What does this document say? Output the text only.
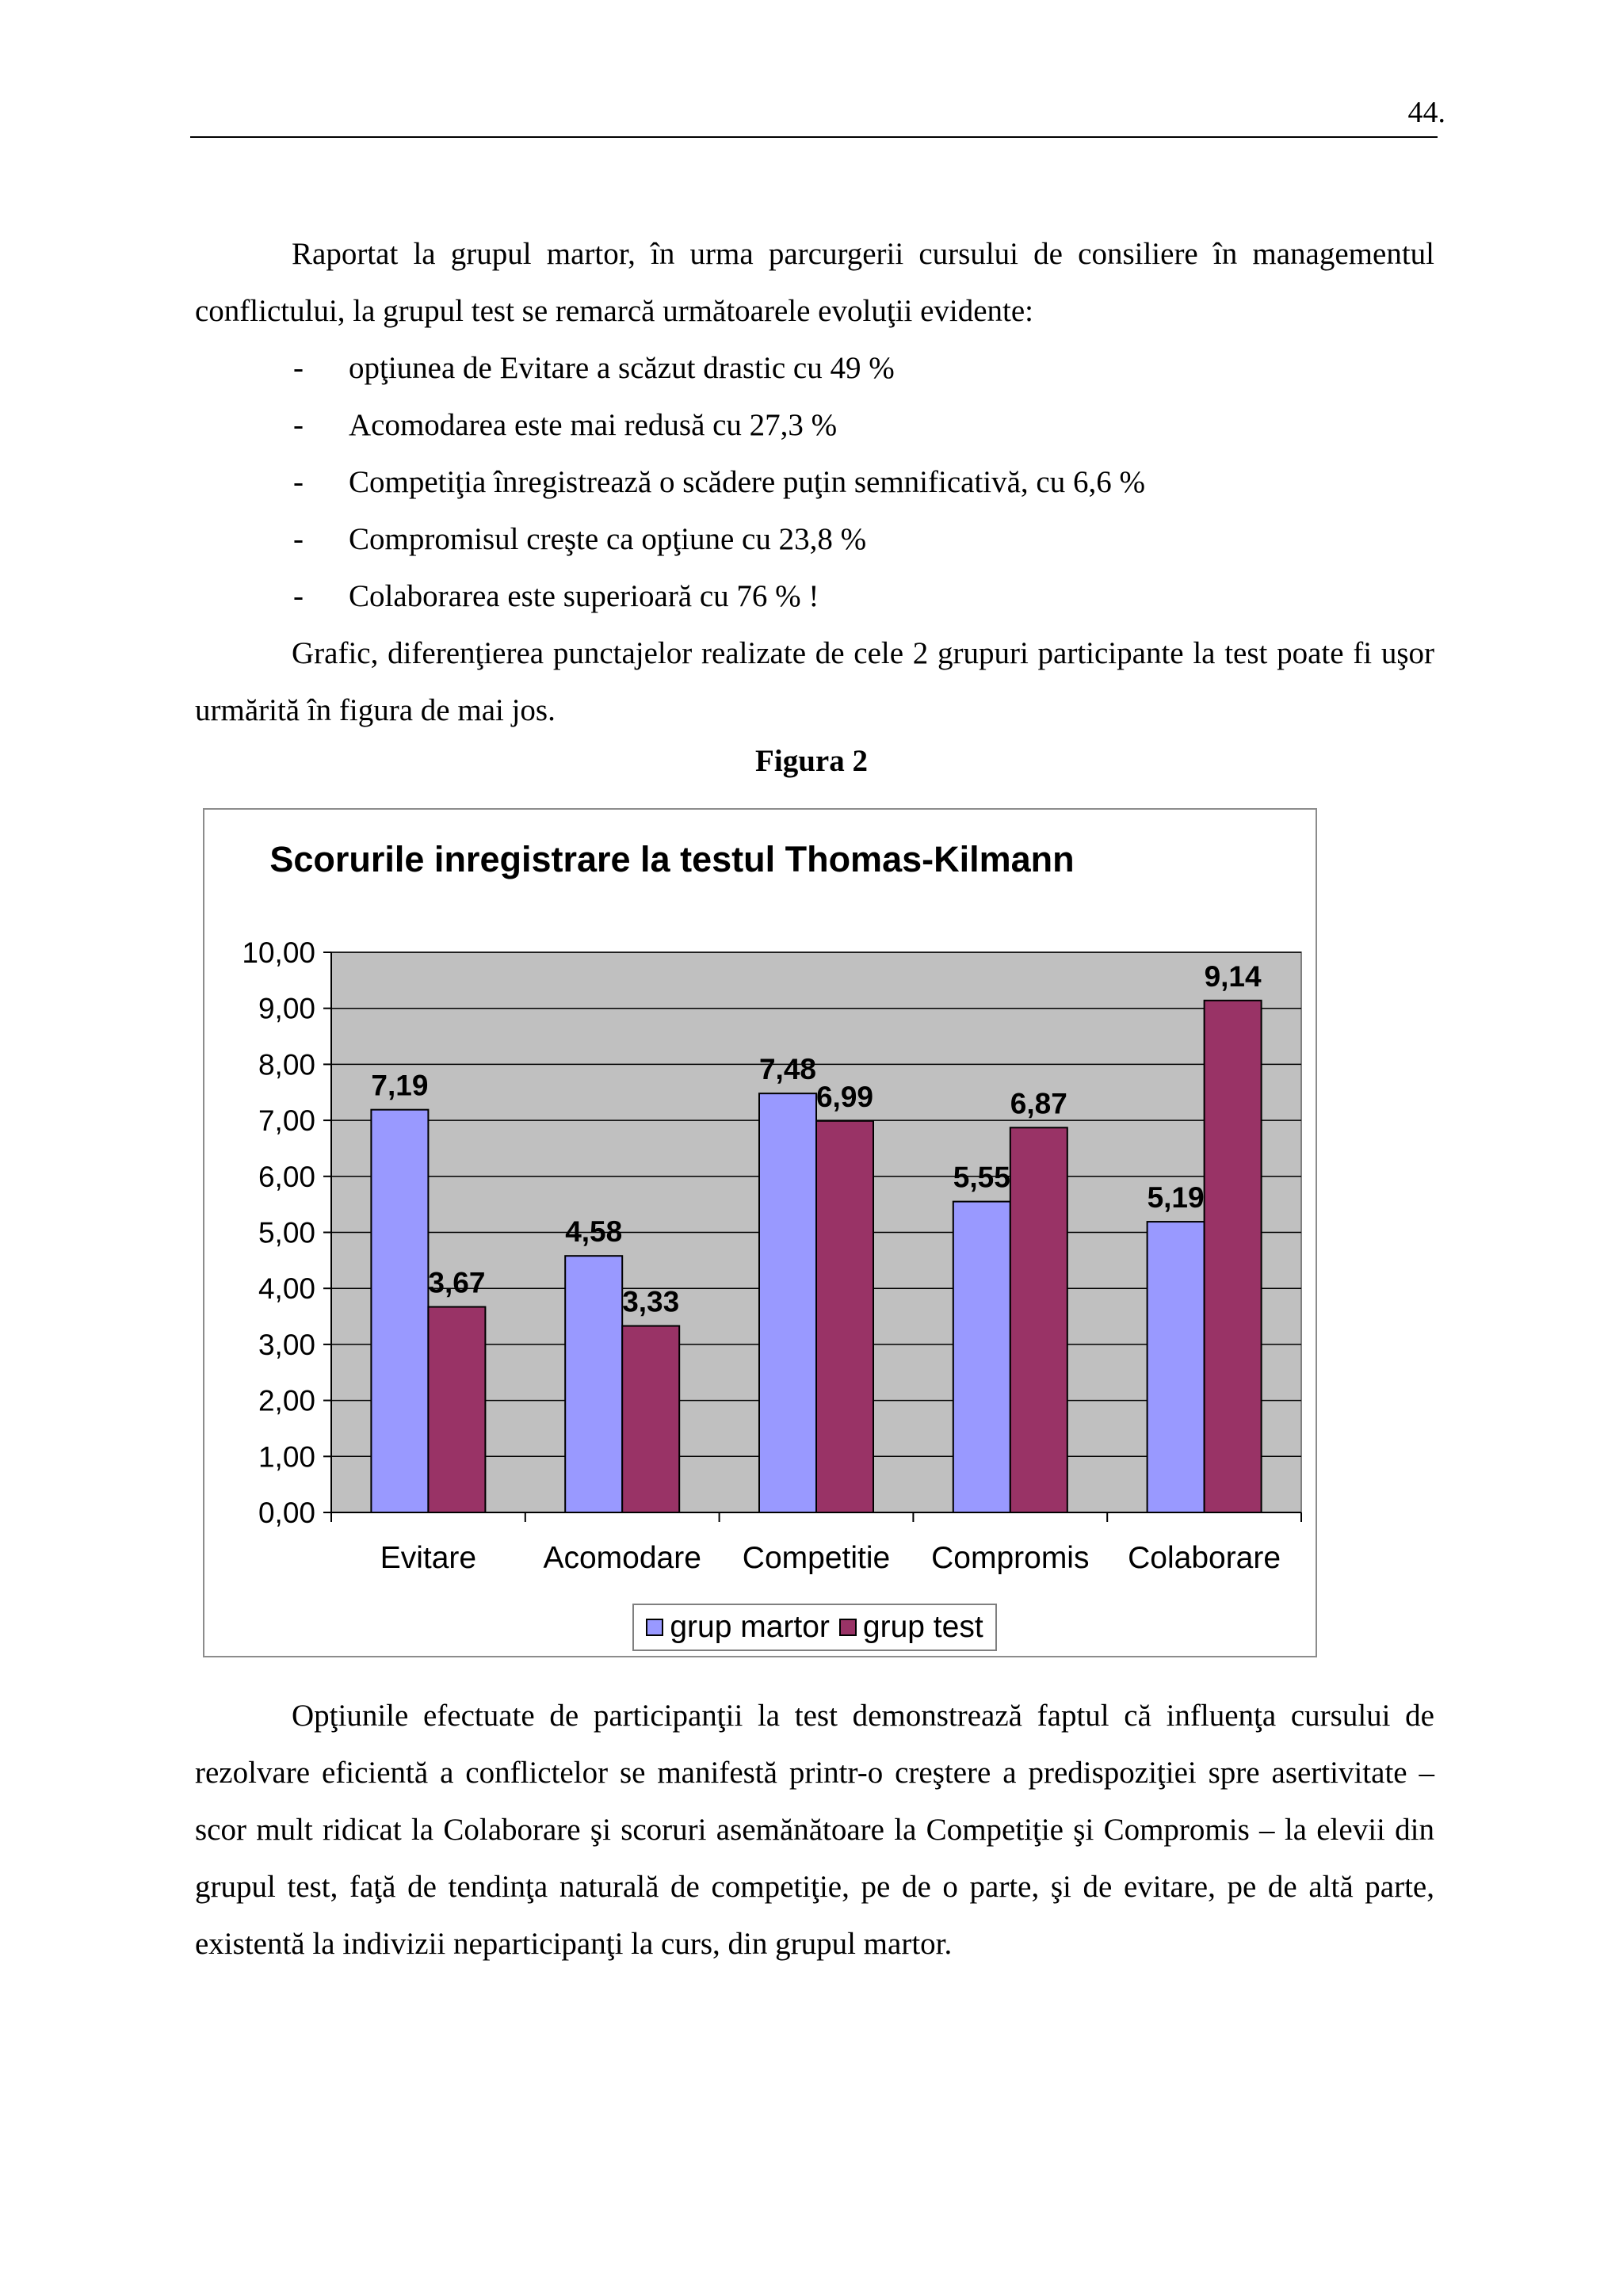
44.

Raportat la grupul martor, în urma parcurgerii cursului de consiliere în managementul conflictului, la grupul test se remarcă următoarele evoluţii evidente:

- opţiunea de Evitare a scăzut drastic cu 49 %
- Acomodarea este mai redusă cu 27,3 %
- Competiţia înregistrează o scădere puţin semnificativă, cu 6,6 %
- Compromisul creşte ca opţiune cu 23,8 %
- Colaborarea este superioară cu 76 % !

Grafic, diferenţierea punctajelor realizate de cele 2 grupuri participante la test poate fi uşor urmărită în figura de mai jos.

Figura 2
Scorurile inregistrare la testul Thomas-Kilmann
0,00
1,00
2,00
3,00
4,00
5,00
6,00
7,00
8,00
9,00
10,00
Evitare
7,19
3,67
Acomodare
4,58
3,33
Competitie
7,48
6,99
Compromis
5,55
6,87
Colaborare
5,19
9,14
grup martor grup test

Opţiunile efectuate de participanţii la test demonstrează faptul că influenţa cursului de rezolvare eficientă a conflictelor se manifestă printr-o creştere a predispoziţiei spre asertivitate – scor mult ridicat la Colaborare şi scoruri asemănătoare la Competiţie şi Compromis – la elevii din grupul test, faţă de tendinţa naturală de competiţie, pe de o parte, şi de evitare, pe de altă parte, existentă la indivizii neparticipanţi la curs, din grupul martor.
